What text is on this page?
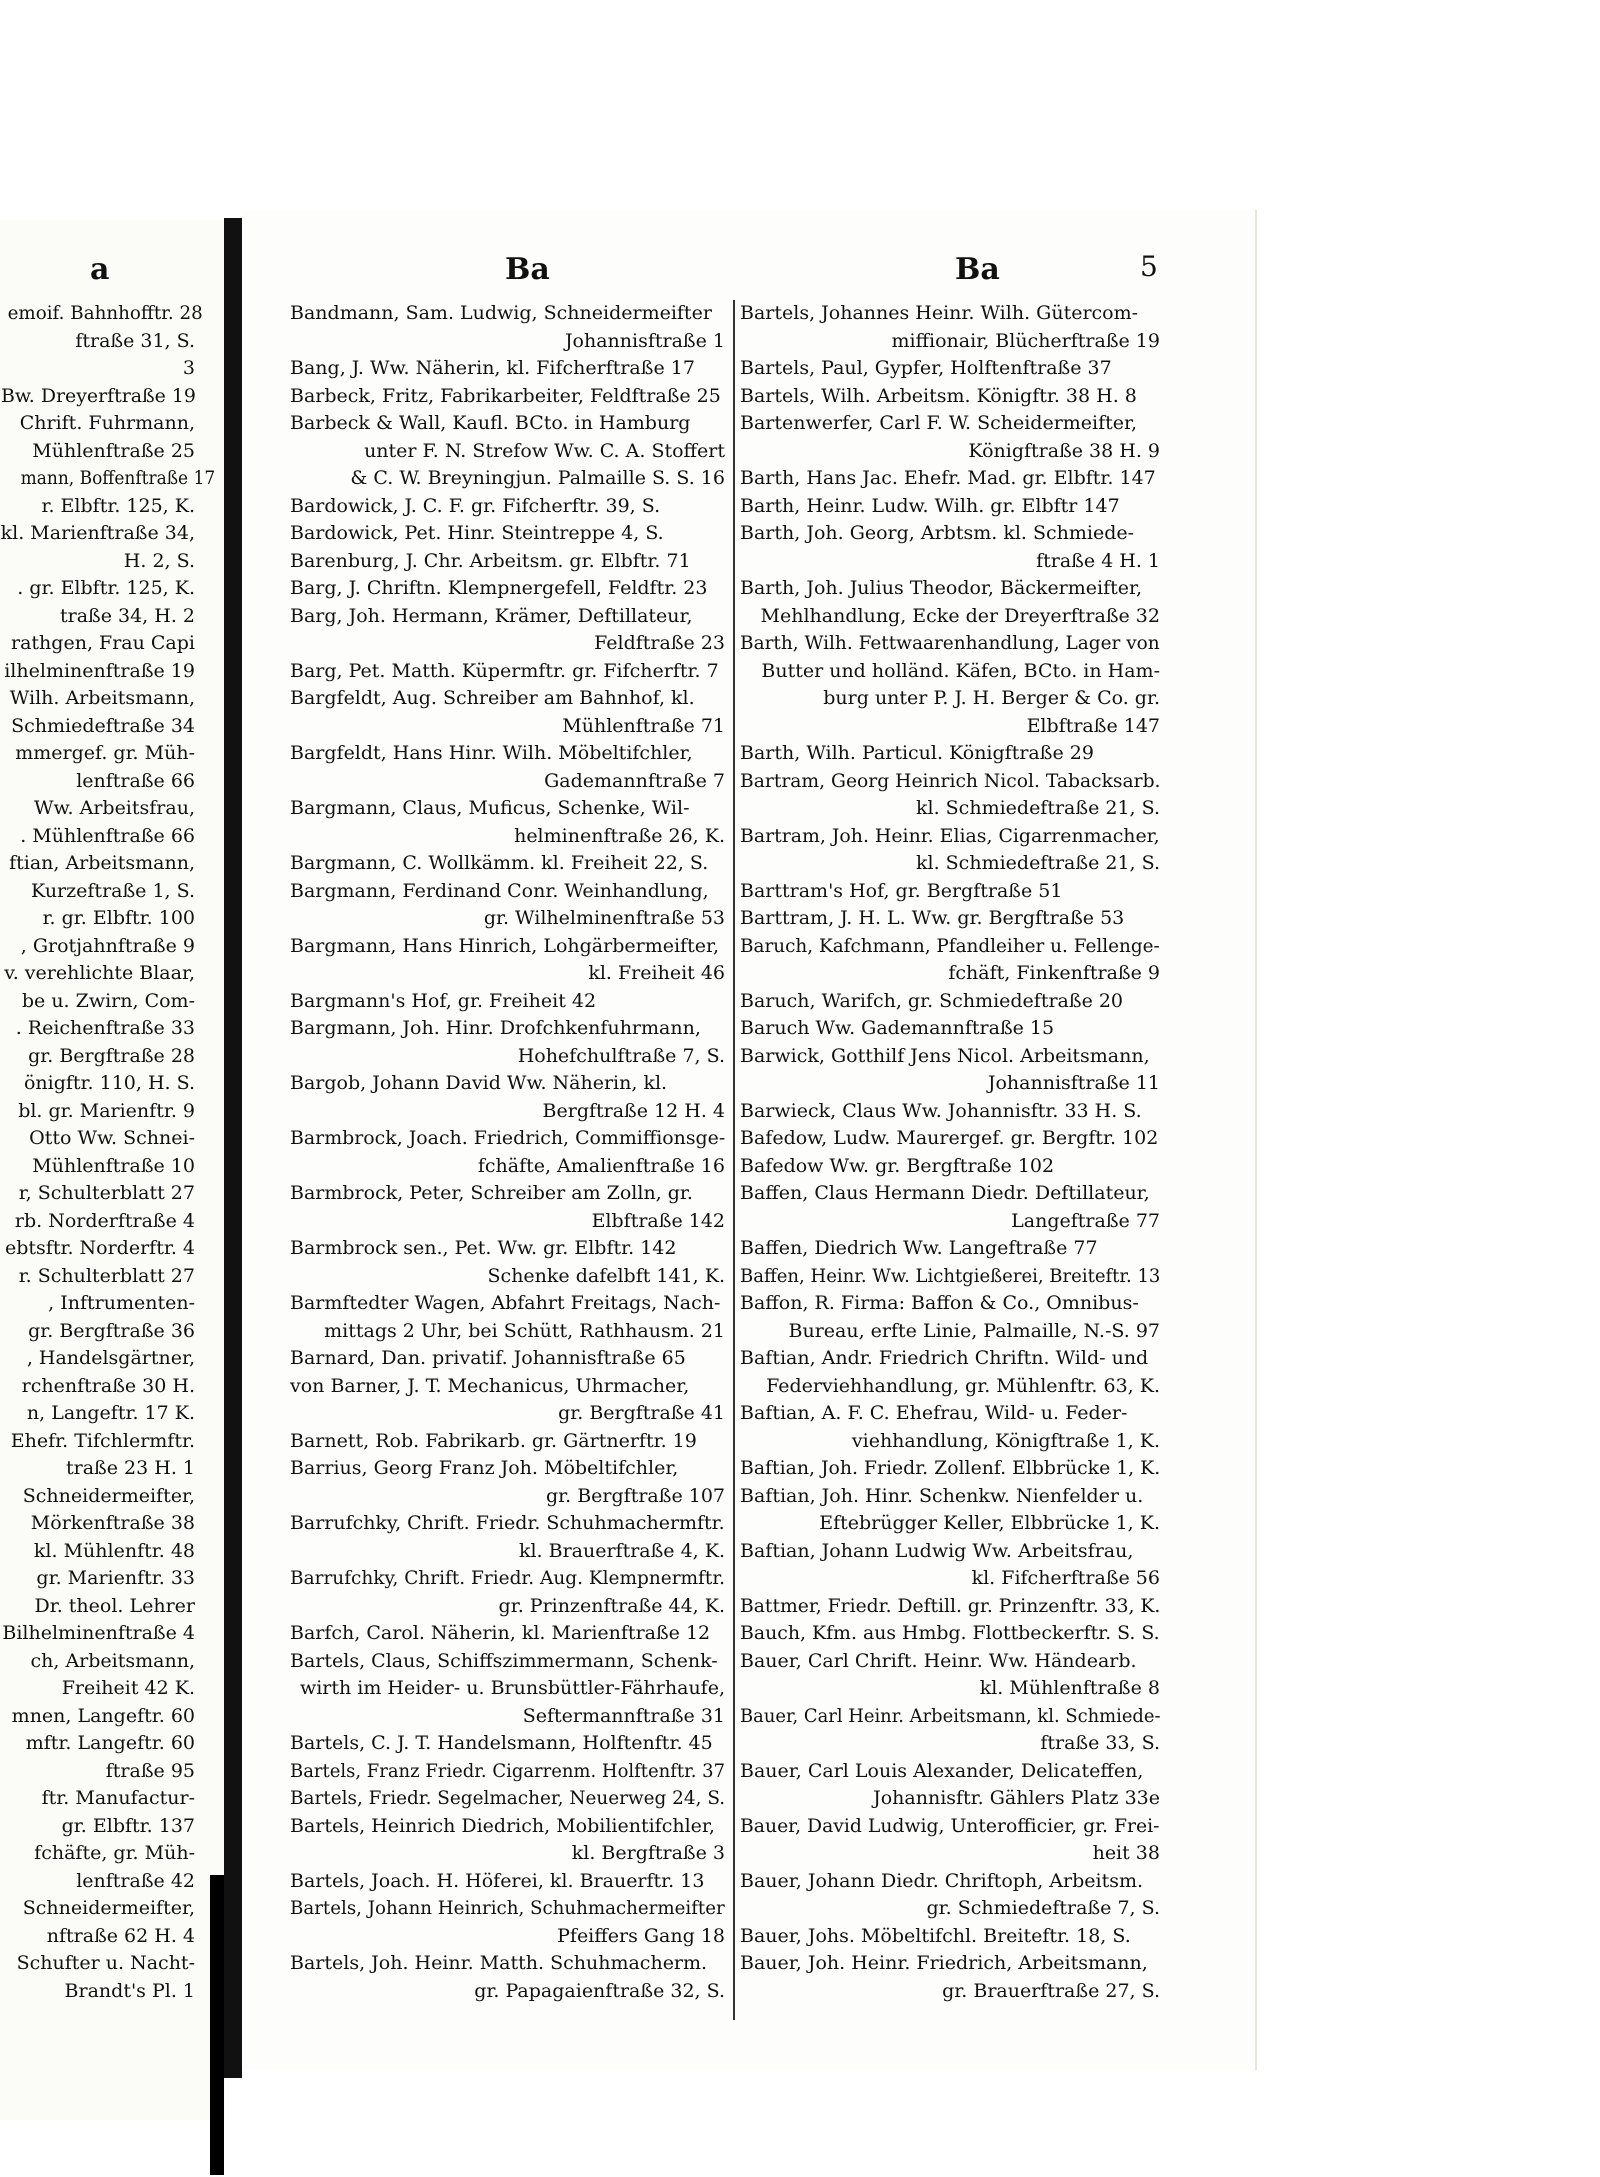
a	Ba	Ba	5
emoif. Bahnhofftr. 28
ftraße 31, S.
3
Bw. Dreyerftraße 19
Chrift. Fuhrmann,
Mühlenftraße 25
mann, Boffenftraße 17
r. Elbftr. 125, K.
kl. Marienftraße 34,
H. 2, S.
. gr. Elbftr. 125, K.
traße 34, H. 2
rathgen, Frau Capi
ilhelminenftraße 19
Wilh. Arbeitsmann,
Schmiedeftraße 34
mmergef. gr. Müh-
lenftraße 66
Ww. Arbeitsfrau,
. Mühlenftraße 66
ftian, Arbeitsmann,
Kurzeftraße 1, S.
r. gr. Elbftr. 100
, Grotjahnftraße 9
v. verehlichte Blaar,
be u. Zwirn, Com-
. Reichenftraße 33
gr. Bergftraße 28
önigftr. 110, H. S.
bl. gr. Marienftr. 9
Otto Ww. Schnei-
Mühlenftraße 10
r, Schulterblatt 27
rb. Norderftraße 4
ebtsftr. Norderftr. 4
r. Schulterblatt 27
, Inftrumenten-
gr. Bergftraße 36
, Handelsgärtner,
rchenftraße 30 H.
n, Langeftr. 17 K.
Ehefr. Tifchlermftr.
traße 23 H. 1
Schneidermeifter,
Mörkenftraße 38
kl. Mühlenftr. 48
gr. Marienftr. 33
Dr. theol. Lehrer
Bilhelminenftraße 4
ch, Arbeitsmann,
Freiheit 42 K.
mnen, Langeftr. 60
mftr. Langeftr. 60
ftraße 95
ftr. Manufactur-
gr. Elbftr. 137
fchäfte, gr. Müh-
lenftraße 42
Schneidermeifter,
nftraße 62 H. 4
Schufter u. Nacht-
Brandt's Pl. 1
Bandmann, Sam. Ludwig, Schneidermeifter
Johannisftraße 1
Bang, J. Ww. Näherin, kl. Fifcherftraße 17
Barbeck, Fritz, Fabrikarbeiter, Feldftraße 25
Barbeck & Wall, Kaufl. BCto. in Hamburg
unter F. N. Strefow Ww. C. A. Stoffert
& C. W. Breyningjun. Palmaille S. S. 16
Bardowick, J. C. F. gr. Fifcherftr. 39, S.
Bardowick, Pet. Hinr. Steintreppe 4, S.
Barenburg, J. Chr. Arbeitsm. gr. Elbftr. 71
Barg, J. Chriftn. Klempnergefell, Feldftr. 23
Barg, Joh. Hermann, Krämer, Deftillateur,
Feldftraße 23
Barg, Pet. Matth. Küpermftr. gr. Fifcherftr. 7
Bargfeldt, Aug. Schreiber am Bahnhof, kl.
Mühlenftraße 71
Bargfeldt, Hans Hinr. Wilh. Möbeltifchler,
Gademannftraße 7
Bargmann, Claus, Muficus, Schenke, Wil-
helminenftraße 26, K.
Bargmann, C. Wollkämm. kl. Freiheit 22, S.
Bargmann, Ferdinand Conr. Weinhandlung,
gr. Wilhelminenftraße 53
Bargmann, Hans Hinrich, Lohgärbermeifter,
kl. Freiheit 46
Bargmann's Hof, gr. Freiheit 42
Bargmann, Joh. Hinr. Drofchkenfuhrmann,
Hohefchulftraße 7, S.
Bargob, Johann David Ww. Näherin, kl.
Bergftraße 12 H. 4
Barmbrock, Joach. Friedrich, Commiffionsge-
fchäfte, Amalienftraße 16
Barmbrock, Peter, Schreiber am Zolln, gr.
Elbftraße 142
Barmbrock sen., Pet. Ww. gr. Elbftr. 142
Schenke dafelbft 141, K.
Barmftedter Wagen, Abfahrt Freitags, Nach-
mittags 2 Uhr, bei Schütt, Rathhausm. 21
Barnard, Dan. privatif. Johannisftraße 65
von Barner, J. T. Mechanicus, Uhrmacher,
gr. Bergftraße 41
Barnett, Rob. Fabrikarb. gr. Gärtnerftr. 19
Barrius, Georg Franz Joh. Möbeltifchler,
gr. Bergftraße 107
Barrufchky, Chrift. Friedr. Schuhmachermftr.
kl. Brauerftraße 4, K.
Barrufchky, Chrift. Friedr. Aug. Klempnermftr.
gr. Prinzenftraße 44, K.
Barfch, Carol. Näherin, kl. Marienftraße 12
Bartels, Claus, Schiffszimmermann, Schenk-
wirth im Heider- u. Brunsbüttler-Fährhaufe,
Seftermannftraße 31
Bartels, C. J. T. Handelsmann, Holftenftr. 45
Bartels, Franz Friedr. Cigarrenm. Holftenftr. 37
Bartels, Friedr. Segelmacher, Neuerweg 24, S.
Bartels, Heinrich Diedrich, Mobilientifchler,
kl. Bergftraße 3
Bartels, Joach. H. Höferei, kl. Brauerftr. 13
Bartels, Johann Heinrich, Schuhmachermeifter
Pfeiffers Gang 18
Bartels, Joh. Heinr. Matth. Schuhmacherm.
gr. Papagaienftraße 32, S.
Bartels, Johannes Heinr. Wilh. Gütercom-
miffionair, Blücherftraße 19
Bartels, Paul, Gypfer, Holftenftraße 37
Bartels, Wilh. Arbeitsm. Königftr. 38 H. 8
Bartenwerfer, Carl F. W. Scheidermeifter,
Königftraße 38 H. 9
Barth, Hans Jac. Ehefr. Mad. gr. Elbftr. 147
Barth, Heinr. Ludw. Wilh. gr. Elbftr 147
Barth, Joh. Georg, Arbtsm. kl. Schmiede-
ftraße 4 H. 1
Barth, Joh. Julius Theodor, Bäckermeifter,
Mehlhandlung, Ecke der Dreyerftraße 32
Barth, Wilh. Fettwaarenhandlung, Lager von
Butter und holländ. Käfen, BCto. in Ham-
burg unter P. J. H. Berger & Co. gr.
Elbftraße 147
Barth, Wilh. Particul. Königftraße 29
Bartram, Georg Heinrich Nicol. Tabacksarb.
kl. Schmiedeftraße 21, S.
Bartram, Joh. Heinr. Elias, Cigarrenmacher,
kl. Schmiedeftraße 21, S.
Barttram's Hof, gr. Bergftraße 51
Barttram, J. H. L. Ww. gr. Bergftraße 53
Baruch, Kafchmann, Pfandleiher u. Fellenge-
fchäft, Finkenftraße 9
Baruch, Warifch, gr. Schmiedeftraße 20
Baruch Ww. Gademannftraße 15
Barwick, Gotthilf Jens Nicol. Arbeitsmann,
Johannisftraße 11
Barwieck, Claus Ww. Johannisftr. 33 H. S.
Bafedow, Ludw. Maurergef. gr. Bergftr. 102
Bafedow Ww. gr. Bergftraße 102
Baffen, Claus Hermann Diedr. Deftillateur,
Langeftraße 77
Baffen, Diedrich Ww. Langeftraße 77
Baffen, Heinr. Ww. Lichtgießerei, Breiteftr. 13
Baffon, R. Firma: Baffon & Co., Omnibus-
Bureau, erfte Linie, Palmaille, N.-S. 97
Baftian, Andr. Friedrich Chriftn. Wild- und
Federviehhandlung, gr. Mühlenftr. 63, K.
Baftian, A. F. C. Ehefrau, Wild- u. Feder-
viehhandlung, Königftraße 1, K.
Baftian, Joh. Friedr. Zollenf. Elbbrücke 1, K.
Baftian, Joh. Hinr. Schenkw. Nienfelder u.
Eftebrügger Keller, Elbbrücke 1, K.
Baftian, Johann Ludwig Ww. Arbeitsfrau,
kl. Fifcherftraße 56
Battmer, Friedr. Deftill. gr. Prinzenftr. 33, K.
Bauch, Kfm. aus Hmbg. Flottbeckerftr. S. S.
Bauer, Carl Chrift. Heinr. Ww. Händearb.
kl. Mühlenftraße 8
Bauer, Carl Heinr. Arbeitsmann, kl. Schmiede-
ftraße 33, S.
Bauer, Carl Louis Alexander, Delicateffen,
Johannisftr. Gählers Platz 33e
Bauer, David Ludwig, Unterofficier, gr. Frei-
heit 38
Bauer, Johann Diedr. Chriftoph, Arbeitsm.
gr. Schmiedeftraße 7, S.
Bauer, Johs. Möbeltifchl. Breiteftr. 18, S.
Bauer, Joh. Heinr. Friedrich, Arbeitsmann,
gr. Brauerftraße 27, S.
